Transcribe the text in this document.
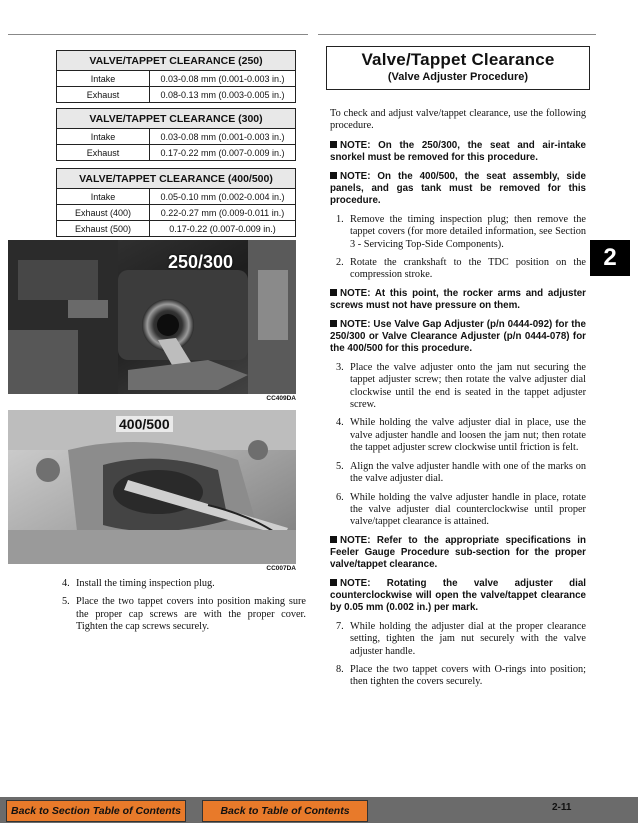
VALVE/TAPPET CLEARANCE (250)	
Intake	0.03-0.08 mm (0.001-0.003 in.)
Exhaust	0.08-0.13 mm (0.003-0.005 in.)
VALVE/TAPPET CLEARANCE (300)	
Intake	0.03-0.08 mm (0.001-0.003 in.)
Exhaust	0.17-0.22 mm (0.007-0.009 in.)
VALVE/TAPPET CLEARANCE (400/500)	
Intake	0.05-0.10 mm (0.002-0.004 in.)
Exhaust (400)	0.22-0.27 mm (0.009-0.011 in.)
Exhaust (500)	0.17-0.22 (0.007-0.009 in.)
250/300
CC409DA
400/500
CC007DA
4. Install the timing inspection plug.
5. Place the two tappet covers into position making sure the proper cap screws are with the proper cover. Tighten the cap screws securely.
Valve/Tappet Clearance
(Valve Adjuster Procedure)
To check and adjust valve/tappet clearance, use the following procedure.
NOTE: On the 250/300, the seat and air-intake snorkel must be removed for this procedure.
NOTE: On the 400/500, the seat assembly, side panels, and gas tank must be removed for this procedure.
1. Remove the timing inspection plug; then remove the tappet covers (for more detailed information, see Section 3 - Servicing Top-Side Components).
2. Rotate the crankshaft to the TDC position on the compression stroke.
NOTE: At this point, the rocker arms and adjuster screws must not have pressure on them.
NOTE: Use Valve Gap Adjuster (p/n 0444-092) for the 250/300 or Valve Clearance Adjuster (p/n 0444-078) for the 400/500 for this procedure.
3. Place the valve adjuster onto the jam nut securing the tappet adjuster screw; then rotate the valve adjuster dial clockwise until the end is seated in the tappet adjuster screw.
4. While holding the valve adjuster dial in place, use the valve adjuster handle and loosen the jam nut; then rotate the tappet adjuster screw clockwise until friction is felt.
5. Align the valve adjuster handle with one of the marks on the valve adjuster dial.
6. While holding the valve adjuster handle in place, rotate the valve adjuster dial counterclockwise until proper valve/tappet clearance is attained.
NOTE: Refer to the appropriate specifications in Feeler Gauge Procedure sub-section for the proper valve/tappet clearance.
NOTE: Rotating the valve adjuster dial counterclockwise will open the valve/tappet clearance by 0.05 mm (0.002 in.) per mark.
7. While holding the adjuster dial at the proper clearance setting, tighten the jam nut securely with the valve adjuster handle.
8. Place the two tappet covers with O-rings into position; then tighten the covers securely.
2
Back to Section Table of Contents	Back to Table of Contents	2-11
